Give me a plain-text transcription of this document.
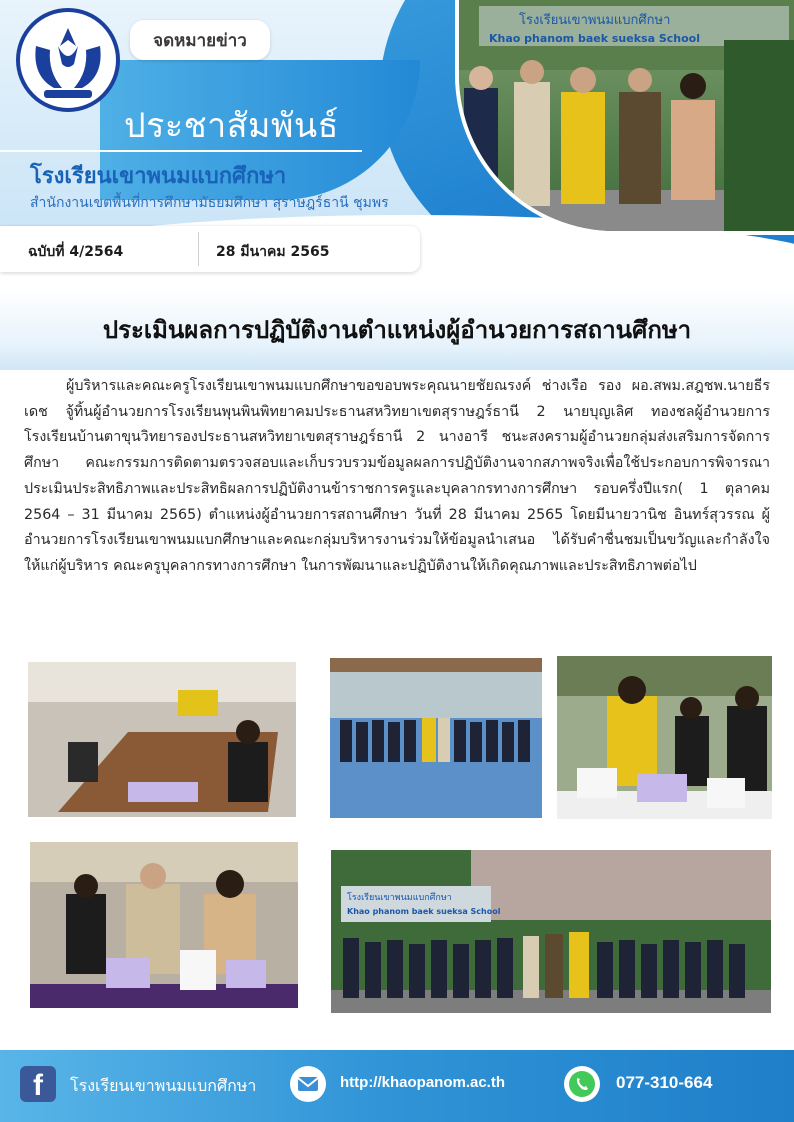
จดหมายข่าว
ประชาสัมพันธ์
โรงเรียนเขาพนมแบกศึกษา
สำนักงานเขตพื้นที่การศึกษามัธยมศึกษา สุราษฎร์ธานี ชุมพร
ฉบับที่ 4/2564	28 มีนาคม 2565
โรงเรียนเขาพนมแบกศึกษา
Khao phanom baek sueksa School
ประเมินผลการปฏิบัติงานตำแหน่งผู้อำนวยการสถานศึกษา

ผู้บริหารและคณะครูโรงเรียนเขาพนมแบกศึกษาขอขอบพระคุณนายชัยณรงค์ ช่างเรือ รอง ผอ.สพม.สฎชพ.นายธีรเดช จู้ทิ้นผู้อำนวยการโรงเรียนพุนพินพิทยาคมประธานสหวิทยาเขตสุราษฎร์ธานี 2 นายบุญเลิศ ทองชลผู้อำนวยการโรงเรียนบ้านตาขุนวิทยารองประธานสหวิทยาเขตสุราษฎร์ธานี 2 นางอารี ชนะสงครามผู้อำนวยกลุ่มส่งเสริมการจัดการศึกษา คณะกรรมการติดตามตรวจสอบและเก็บรวบรวมข้อมูลผลการปฏิบัติงานจากสภาพจริงเพื่อใช้ประกอบการพิจารณาประเมินประสิทธิภาพและประสิทธิผลการปฏิบัติงานข้าราชการครูและบุคลากรทางการศึกษา รอบครึ่งปีแรก( 1 ตุลาคม 2564 – 31 มีนาคม 2565) ตำแหน่งผู้อำนวยการสถานศึกษา วันที่ 28 มีนาคม 2565 โดยมีนายวานิช อินทร์สุวรรณ ผู้อำนวยการโรงเรียนเขาพนมแบกศึกษาและคณะกลุ่มบริหารงานร่วมให้ข้อมูลนำเสนอ ได้รับคำชื่นชมเป็นขวัญและกำลังใจให้แก่ผู้บริหาร คณะครูบุคลากรทางการศึกษา ในการพัฒนาและปฏิบัติงานให้เกิดคุณภาพและประสิทธิภาพต่อไป

โรงเรียนเขาพนมแบกศึกษา
Khao phanom baek sueksa School
f	โรงเรียนเขาพนมแบกศึกษา	http://khaopanom.ac.th	077-310-664
